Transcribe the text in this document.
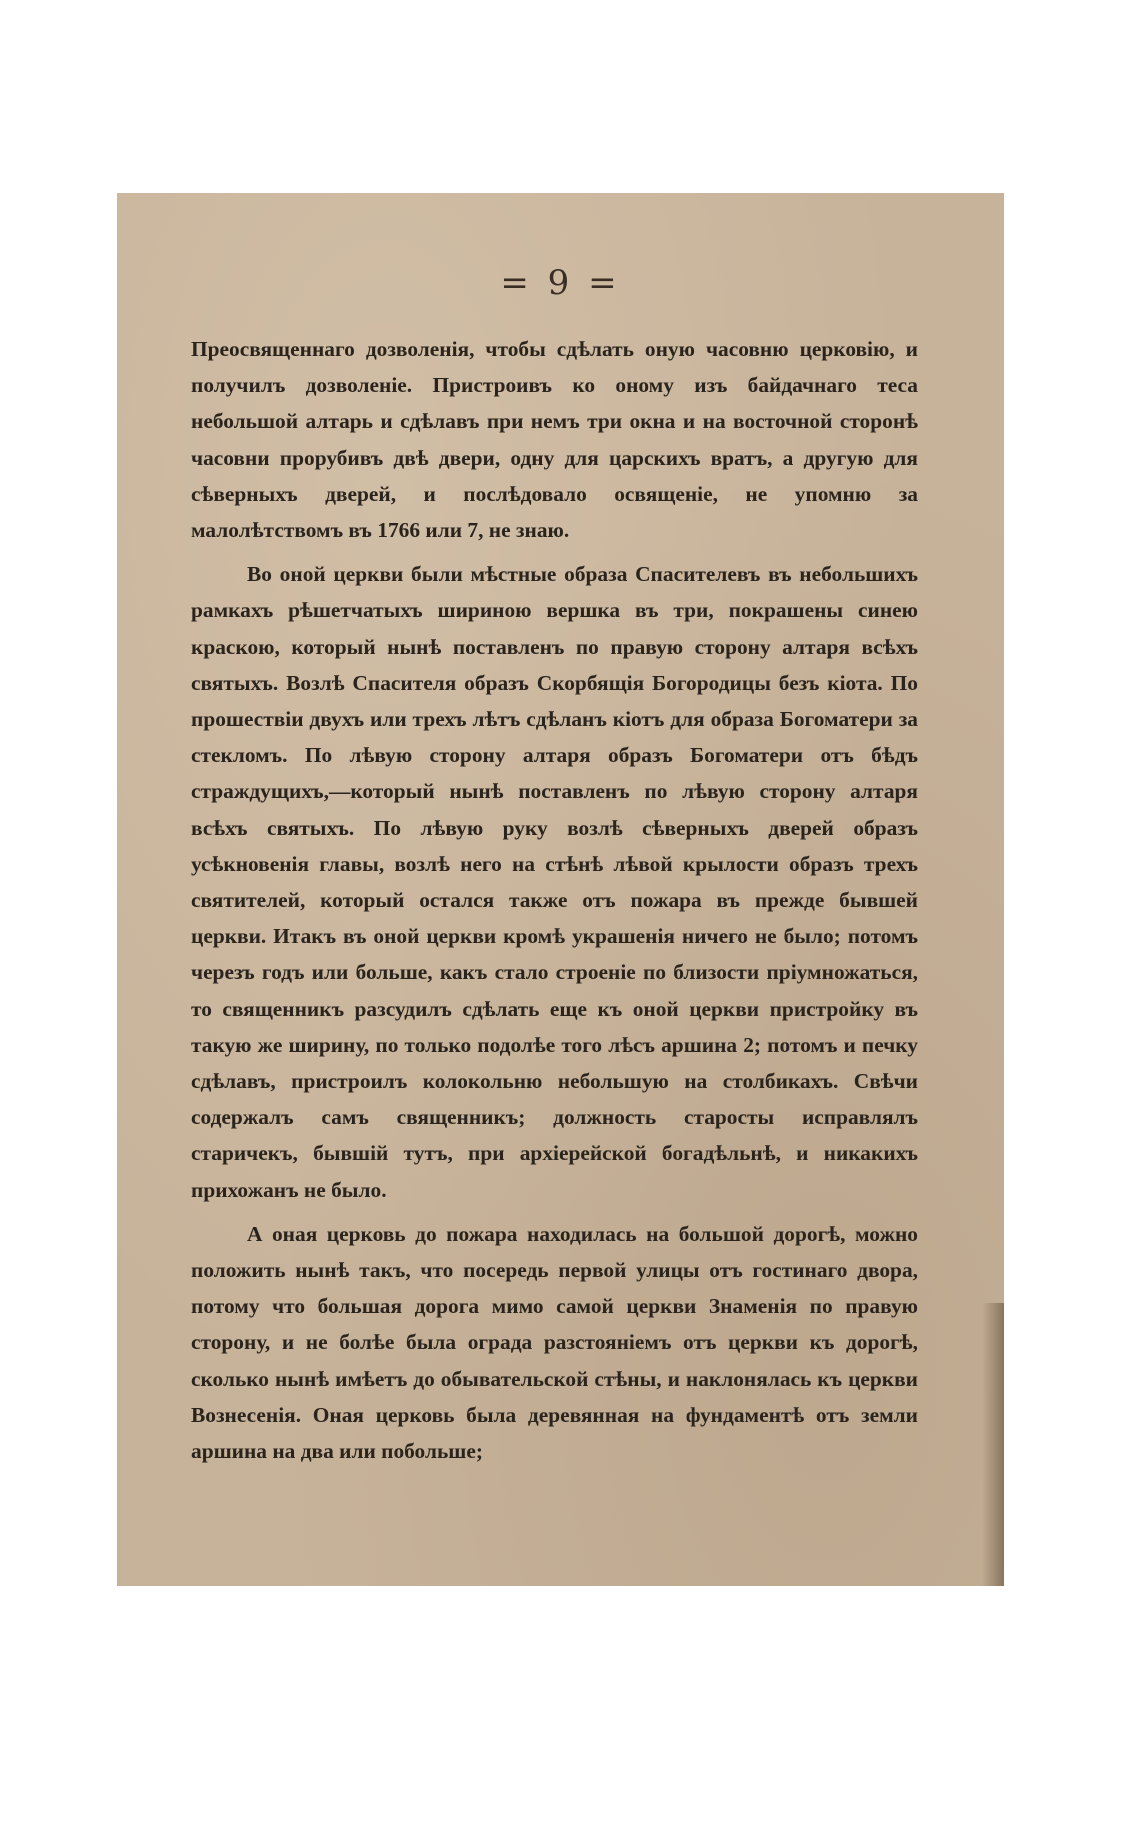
= 9 =

Преосвященнаго дозволенія, чтобы сдѣлать оную часовню церковію, и получилъ дозволеніе. Пристроивъ ко оному изъ байдачнаго теса небольшой алтарь и сдѣлавъ при немъ три окна и на восточной сторонѣ часовни прорубивъ двѣ двери, одну для царскихъ вратъ, а другую для сѣверныхъ дверей, и послѣдовало освященіе, не упомню за малолѣтствомъ въ 1766 или 7, не знаю.

Во оной церкви были мѣстные образа Спасителевъ въ небольшихъ рамкахъ рѣшетчатыхъ шириною вершка въ три, покрашены синею краскою, который нынѣ поставленъ по правую сторону алтаря всѣхъ святыхъ. Возлѣ Спасителя образъ Скорбящія Богородицы безъ кіота. По прошествіи двухъ или трехъ лѣтъ сдѣланъ кіотъ для образа Богоматери за стекломъ. По лѣвую сторону алтаря образъ Богоматери отъ бѣдъ страждущихъ,—который нынѣ поставленъ по лѣвую сторону алтаря всѣхъ святыхъ. По лѣвую руку возлѣ сѣверныхъ дверей образъ усѣкновенія главы, возлѣ него на стѣнѣ лѣвой крылости образъ трехъ святителей, который остался также отъ пожара въ прежде бывшей церкви. Итакъ въ оной церкви кромѣ украшенія ничего не было; потомъ черезъ годъ или больше, какъ стало строеніе по близости пріумножаться, то священникъ разсудилъ сдѣлать еще къ оной церкви пристройку въ такую же ширину, по только подолѣе того лѣсъ аршина 2; потомъ и печку сдѣлавъ, пристроилъ колокольню небольшую на столбикахъ. Свѣчи содержалъ самъ священникъ; должность старосты исправлялъ старичекъ, бывшій тутъ, при архіерейской богадѣльнѣ, и никакихъ прихожанъ не было.

А оная церковь до пожара находилась на большой дорогѣ, можно положить нынѣ такъ, что посередь первой улицы отъ гостинаго двора, потому что большая дорога мимо самой церкви Знаменія по правую сторону, и не болѣе была ограда разстояніемъ отъ церкви къ дорогѣ, сколько нынѣ имѣетъ до обывательской стѣны, и наклонялась къ церкви Вознесенія. Оная церковь была деревянная на фундаментѣ отъ земли аршина на два или побольше;
